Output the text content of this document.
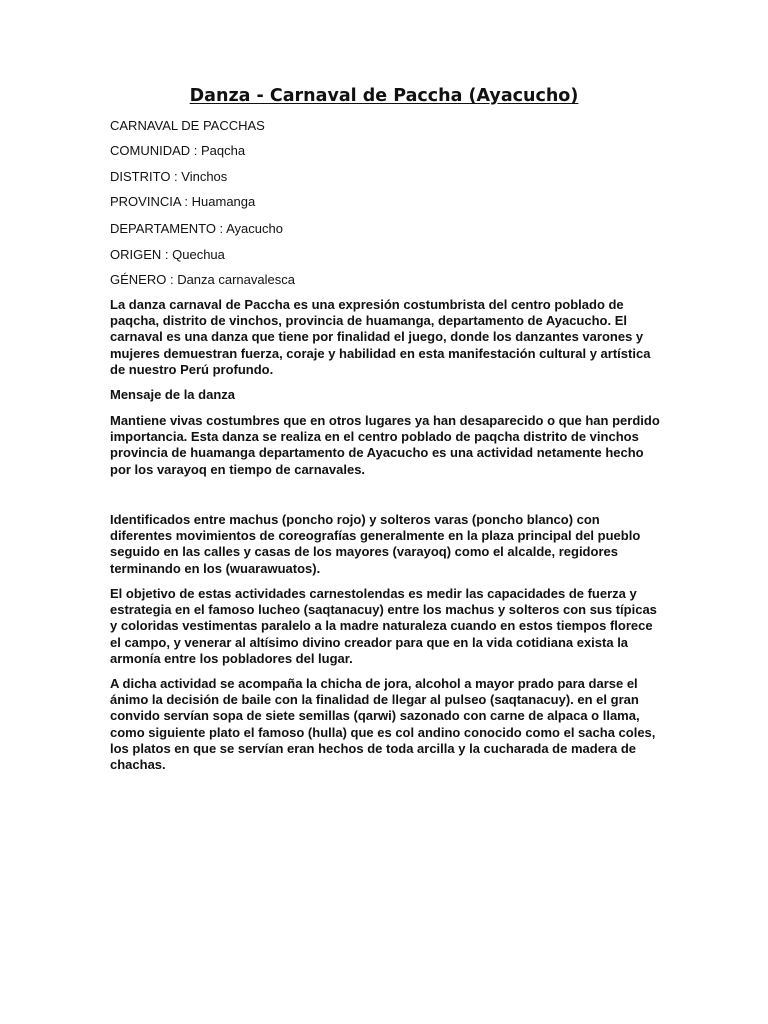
Danza - Carnaval de Paccha (Ayacucho)

CARNAVAL DE PACCHAS

COMUNIDAD : Paqcha

DISTRITO : Vinchos

PROVINCIA : Huamanga

DEPARTAMENTO : Ayacucho

ORIGEN : Quechua

GÉNERO : Danza carnavalesca

La danza carnaval de Paccha es una expresión costumbrista del centro poblado de
paqcha, distrito de vinchos, provincia de huamanga, departamento de Ayacucho. El
carnaval es una danza que tiene por finalidad el juego, donde los danzantes varones y
mujeres demuestran fuerza, coraje y habilidad en esta manifestación cultural y artística
de nuestro Perú profundo.

Mensaje de la danza

Mantiene vivas costumbres que en otros lugares ya han desaparecido o que han perdido
importancia. Esta danza se realiza en el centro poblado de paqcha distrito de vinchos
provincia de huamanga departamento de Ayacucho es una actividad netamente hecho
por los varayoq en tiempo de carnavales.

Identificados entre machus (poncho rojo) y solteros varas (poncho blanco) con
diferentes movimientos de coreografías generalmente en la plaza principal del pueblo
seguido en las calles y casas de los mayores (varayoq) como el alcalde, regidores
terminando en los (wuarawuatos).

El objetivo de estas actividades carnestolendas es medir las capacidades de fuerza y
estrategia en el famoso lucheo (saqtanacuy) entre los machus y solteros con sus típicas
y coloridas vestimentas paralelo a la madre naturaleza cuando en estos tiempos florece
el campo, y venerar al altísimo divino creador para que en la vida cotidiana exista la
armonía entre los pobladores del lugar.

A dicha actividad se acompaña la chicha de jora, alcohol a mayor prado para darse el
ánimo la decisión de baile con la finalidad de llegar al pulseo (saqtanacuy). en el gran
convido servían sopa de siete semillas (qarwi) sazonado con carne de alpaca o llama,
como siguiente plato el famoso (hulla) que es col andino conocido como el sacha coles,
los platos en que se servían eran hechos de toda arcilla y la cucharada de madera de
chachas.
